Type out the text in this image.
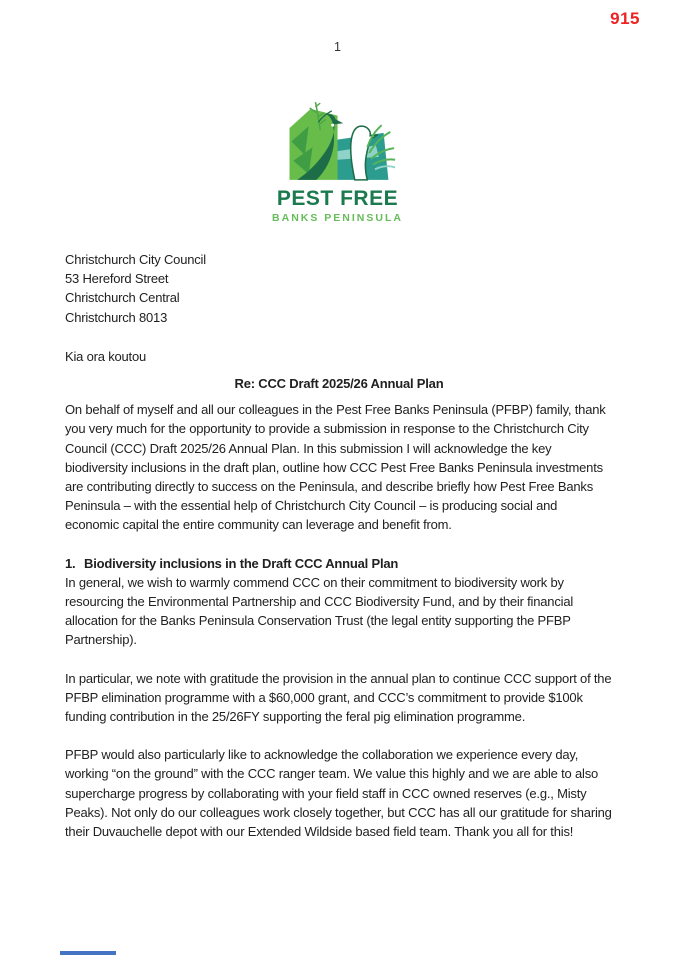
915
1
PEST FREE
BANKS PENINSULA
Christchurch City Council
53 Hereford Street
Christchurch Central
Christchurch 8013
Kia ora koutou
Re: CCC Draft 2025/26 Annual Plan

On behalf of myself and all our colleagues in the Pest Free Banks Peninsula (PFBP) family, thank you very much for the opportunity to provide a submission in response to the Christchurch City Council (CCC) Draft 2025/26 Annual Plan. In this submission I will acknowledge the key biodiversity inclusions in the draft plan, outline how CCC Pest Free Banks Peninsula investments are contributing directly to success on the Peninsula, and describe briefly how Pest Free Banks Peninsula – with the essential help of Christchurch City Council – is producing social and economic capital the entire community can leverage and benefit from.

1. Biodiversity inclusions in the Draft CCC Annual Plan

In general, we wish to warmly commend CCC on their commitment to biodiversity work by resourcing the Environmental Partnership and CCC Biodiversity Fund, and by their financial allocation for the Banks Peninsula Conservation Trust (the legal entity supporting the PFBP Partnership).

In particular, we note with gratitude the provision in the annual plan to continue CCC support of the PFBP elimination programme with a $60,000 grant, and CCC’s commitment to provide $100k funding contribution in the 25/26FY supporting the feral pig elimination programme.

PFBP would also particularly like to acknowledge the collaboration we experience every day, working “on the ground” with the CCC ranger team. We value this highly and we are able to also supercharge progress by collaborating with your field staff in CCC owned reserves (e.g., Misty Peaks). Not only do our colleagues work closely together, but CCC has all our gratitude for sharing their Duvauchelle depot with our Extended Wildside based field team. Thank you all for this!
